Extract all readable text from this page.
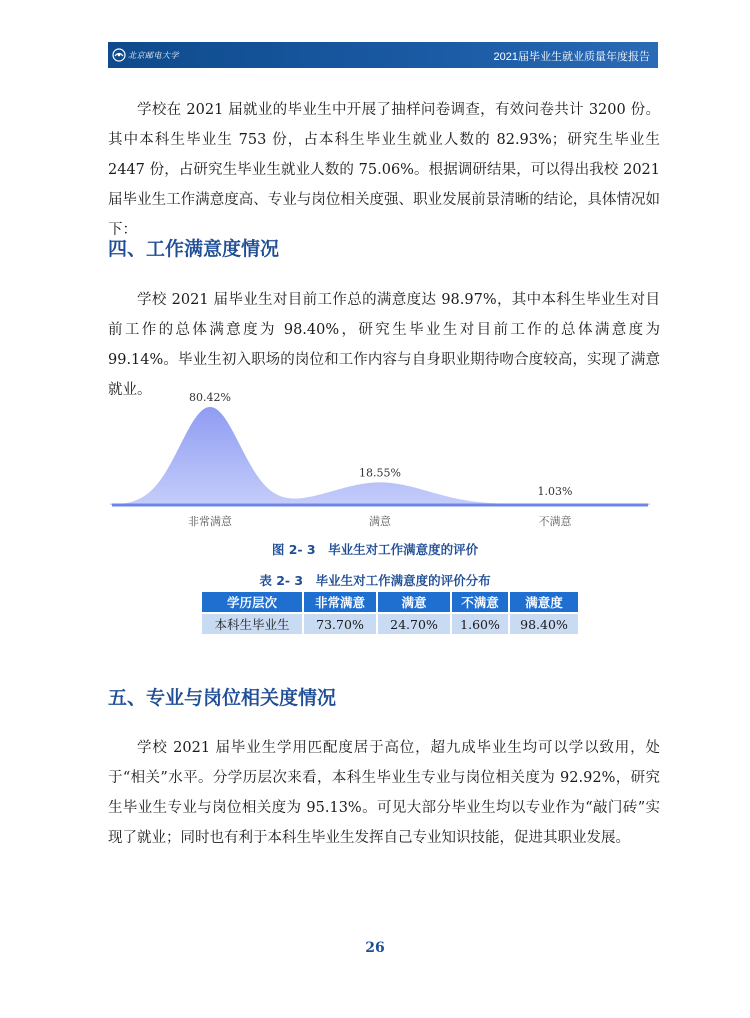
北京邮电大学	2021届毕业生就业质量年度报告

学校在 2021 届就业的毕业生中开展了抽样问卷调查，有效问卷共计 3200 份。其中本科生毕业生 753 份，占本科生毕业生就业人数的 82.93%；研究生毕业生 2447 份，占研究生毕业生就业人数的 75.06%。根据调研结果，可以得出我校 2021 届毕业生工作满意度高、专业与岗位相关度强、职业发展前景清晰的结论，具体情况如下：

四、工作满意度情况

学校 2021 届毕业生对目前工作总的满意度达 98.97%，其中本科生毕业生对目前工作的总体满意度为 98.40%，研究生毕业生对目前工作的总体满意度为 99.14%。毕业生初入职场的岗位和工作内容与自身职业期待吻合度较高，实现了满意就业。	80.42%
非常满意
18.55%
满意
1.03%
不满意
图 2- 3　毕业生对工作满意度的评价
表 2- 3　毕业生对工作满意度的评价分布
学历层次	非常满意	满意	不满意	满意度
本科生毕业生	73.70%	24.70%	1.60%	98.40%
五、专业与岗位相关度情况

学校 2021 届毕业生学用匹配度居于高位，超九成毕业生均可以学以致用，处于“相关”水平。分学历层次来看，本科生毕业生专业与岗位相关度为 92.92%，研究生毕业生专业与岗位相关度为 95.13%。可见大部分毕业生均以专业作为“敲门砖”实现了就业；同时也有利于本科生毕业生发挥自己专业知识技能，促进其职业发展。

26
